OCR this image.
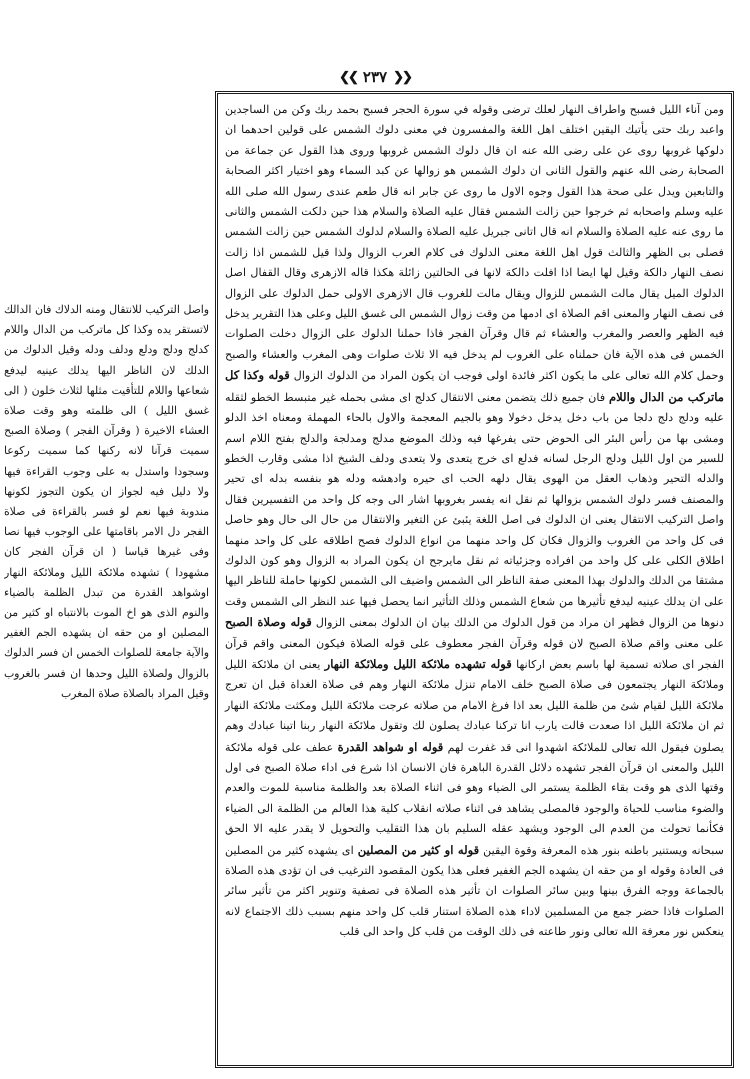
❮❮
٢٣٧
❯❯

ومن آناء الليل فسبح واطراف النهار لعلك ترضى وقوله في سورة الحجر فسبح بحمد ربك وكن من الساجدين واعبد ربك حتى يأتيك اليقين اختلف اهل اللغة والمفسرون في معنى دلوك الشمس على قولين احدهما ان دلوكها غروبها روى عن على رضى الله عنه ان قال دلوك الشمس غروبها وروى هذا القول عن جماعة من الصحابة رضى الله عنهم والقول الثانى ان دلوك الشمس هو زوالها عن كبد السماء وهو اختيار اكثر الصحابة والتابعين ويدل على صحة هذا القول وجوه الاول ما روى عن جابر انه قال طعم عندى رسول الله صلى الله عليه وسلم واصحابه ثم خرجوا حين زالت الشمس فقال عليه الصلاة والسلام هذا حين دلكت الشمس والثانى ما روى عنه عليه الصلاة والسلام انه قال اتانى جبريل عليه الصلاة والسلام لدلوك الشمس حين زالت الشمس فصلى بى الظهر والثالث قول اهل اللغة معنى الدلوك فى كلام العرب الزوال ولذا قيل للشمس اذا زالت نصف النهار دالكة وقيل لها ايضا اذا افلت دالكة لانها فى الحالتين زائلة هكذا قاله الازهرى وقال القفال اصل الدلوك الميل يقال مالت الشمس للزوال ويقال مالت للغروب قال الازهرى الاولى حمل الدلوك على الزوال فى نصف النهار والمعنى اقم الصلاة اى ادمها من وقت زوال الشمس الى غسق الليل وعلى هذا التقرير يدخل فيه الظهر والعصر والمغرب والعشاء ثم قال وقرآن الفجر فاذا حملنا الدلوك على الزوال دخلت الصلوات الخمس فى هذه الآية فان حملناه على الغروب لم يدخل فيه الا ثلاث صلوات وهى المغرب والعشاء والصبح وحمل كلام الله تعالى على ما يكون اكثر فائدة اولى فوجب ان يكون المراد من الدلوك الزوال قوله وكذا كل ماتركب من الدال واللام فان جميع ذلك يتضمن معنى الانتقال كدلج اى مشى بحمله غير متبسط الخطو لثقله عليه ودلج دلج دلجا من باب دخل يدخل دخولا وهو بالجيم المعجمة والاول بالحاء المهملة ومعناه اخذ الدلو ومشى بها من رأس البئر الى الحوض حتى يفرغها فيه وذلك الموضع مدلج ومدلجة والدلج بفتح اللام اسم للسير من اول الليل ودلج الرجل لسانه فدلع اى خرج يتعدى ولا يتعدى ودلف الشيخ اذا مشى وقارب الخطو والدله التحير وذهاب العقل من الهوى يقال دلهه الحب اى حيره وادهشه ودله هو بنفسه بدله اى تحير والمصنف فسر دلوك الشمس بزوالها ثم نقل انه يفسر بغروبها اشار الى وجه كل واحد من التفسيرين فقال واصل التركيب الانتقال يعنى ان الدلوك فى اصل اللغة يئبئ عن التغير والانتقال من حال الى حال وهو حاصل فى كل واحد من الغروب والزوال فكان كل واحد منهما من انواع الدلوك فصح اطلاقه على كل واحد منهما اطلاق الكلى على كل واحد من افراده وجزئياته ثم نقل مايرجح ان يكون المراد به الزوال وهو كون الدلوك مشتقا من الدلك والدلوك بهذا المعنى صفة الناظر الى الشمس واضيف الى الشمس لكونها حاملة للناظر اليها على ان يدلك عينيه ليدفع تأثيرها من شعاع الشمس وذلك التأثير انما يحصل فيها عند النظر الى الشمس وقت دنوها من الزوال فظهر ان مراد من قول الدلوك من الدلك بيان ان الدلوك بمعنى الزوال قوله وصلاة الصبح على معنى واقم صلاة الصبح لان قوله وقرآن الفجر معطوف على قوله الصلاة فيكون المعنى واقم قرآن الفجر اى صلاته تسمية لها باسم بعض اركانها قوله تشهده ملائكة الليل وملائكة النهار يعنى ان ملائكة الليل وملائكة النهار يجتمعون فى صلاة الصبح خلف الامام تنزل ملائكة النهار وهم فى صلاة الغداة قبل ان تعرج ملائكة الليل لقيام شئ من ظلمة الليل بعد اذا فرغ الامام من صلاته عرجت ملائكة الليل ومكثت ملائكة النهار ثم ان ملائكة الليل اذا صعدت قالت يارب انا تركنا عبادك يصلون لك وتقول ملائكة النهار ربنا اتينا عبادك وهم يصلون فيقول الله تعالى للملائكة اشهدوا انى قد غفرت لهم قوله او شواهد القدرة عطف على قوله ملائكة الليل والمعنى ان قرآن الفجر تشهده دلائل القدرة الباهرة فان الانسان اذا شرع فى اداء صلاة الصبح فى اول وقتها الذى هو وقت بقاء الظلمة يستمر الى الضياء وهو فى اثناء الصلاة بعد والظلمة مناسبة للموت والعدم والضوء مناسب للحياة والوجود فالمصلى يشاهد فى اثناء صلاته انقلاب كلية هذا العالم من الظلمة الى الضياء فكأنما تحولت من العدم الى الوجود ويشهد عقله السليم بان هذا التقليب والتحويل لا يقدر عليه الا الحق سبحانه ويستنير باطنه بنور هذه المعرفة وقوة اليقين قوله او كثير من المصلين اى يشهده كثير من المصلين فى العادة وقوله او من حقه ان يشهده الجم الغفير فعلى هذا يكون المقصود الترغيب فى ان تؤدى هذه الصلاة بالجماعة ووجه الفرق بينها وبين سائر الصلوات ان تأثير هذه الصلاة فى تصفية وتنوير اكثر من تأثير سائر الصلوات فاذا حضر جمع من المسلمين لاداء هذه الصلاة استنار قلب كل واحد منهم بسبب ذلك الاجتماع لانه ينعكس نور معرفة الله تعالى ونور طاعته فى ذلك الوقت من قلب كل واحد الى قلب

واصل التركيب للانتقال ومنه الدلاك فان الدالك لاتستقر يده وكذا كل ماتركب من الدال واللام كدلج ودلج ودلع ودلف ودله وقيل الدلوك من الدلك لان الناظر اليها يدلك عينيه ليدفع شعاعها واللام للتأقيت مثلها لثلاث خلون ( الى غسق الليل ) الى ظلمته وهو وقت صلاة العشاء الاخيرة ( وقرآن الفجر ) وصلاة الصبح سميت قرآنا لانه ركنها كما سميت ركوعا وسجودا واستدل به على وجوب القراءة فيها ولا دليل فيه لجواز ان يكون التجوز لكونها مندوبة فيها نعم لو فسر بالقراءة فى صلاة الفجر دل الامر باقامتها على الوجوب فيها نصا وفى غيرها قياسا ( ان قرآن الفجر كان مشهودا ) تشهده ملائكة الليل وملائكة النهار اوشواهد القدرة من تبدل الظلمة بالضياء والنوم الذى هو اخ الموت بالانتباه او كثير من المصلين او من حقه ان يشهده الجم الغفير والآية جامعة للصلوات الخمس ان فسر الدلوك بالزوال ولصلاة الليل وحدها ان فسر بالغروب وقيل المراد بالصلاة صلاة المغرب
